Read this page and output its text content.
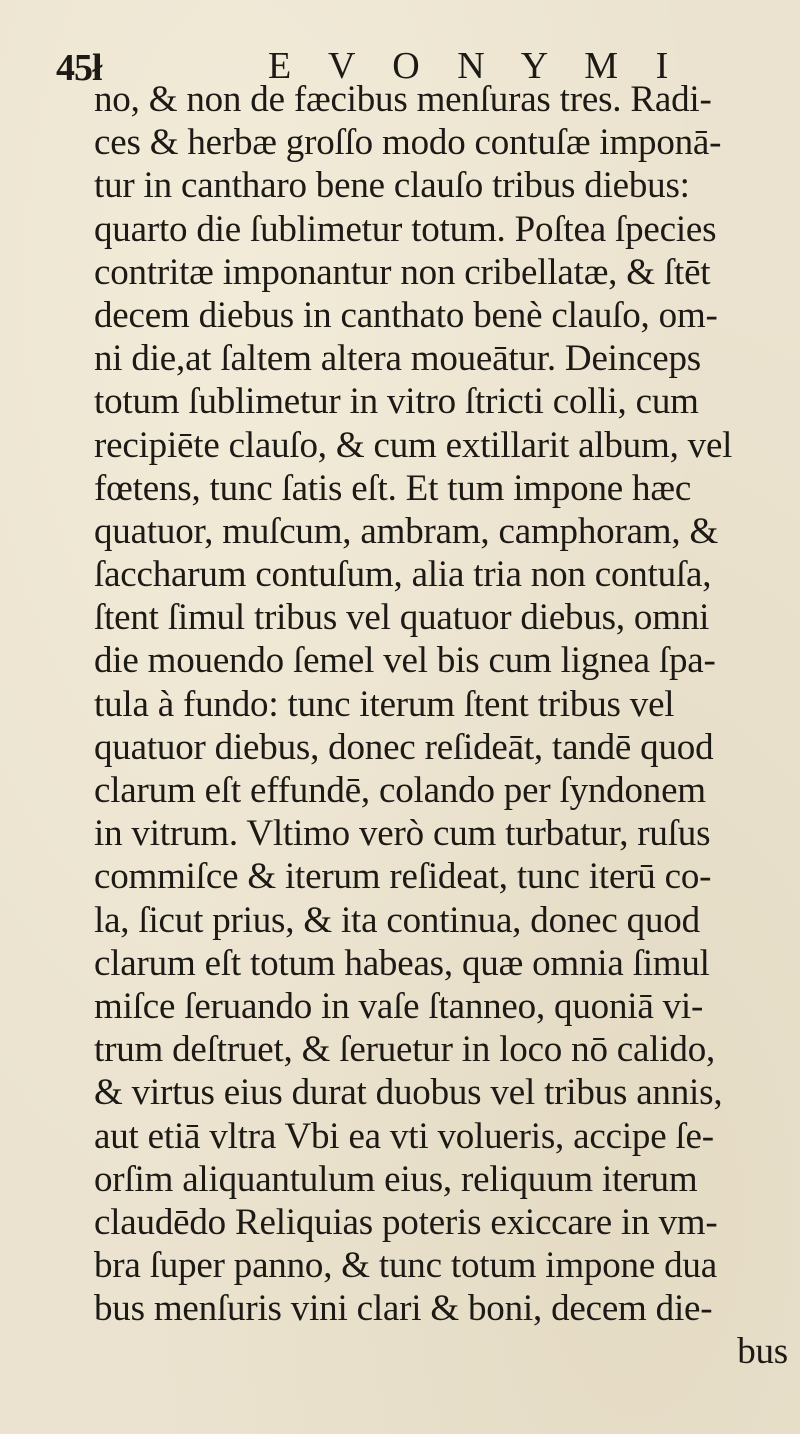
45ł	E V O N Y M I
no, & non de fæcibus menſuras tres. Radi-
ces & herbæ groſſo modo contuſæ imponā-
tur in cantharo bene clauſo tribus diebus:
quarto die ſublimetur totum. Poſtea ſpecies
contritæ imponantur non cribellatæ, & ſtēt
decem diebus in canthato benè clauſo, om-
ni die,at ſaltem altera moueātur. Deinceps
totum ſublimetur in vitro ſtricti colli, cum
recipiēte clauſo, & cum extillarit album, vel
fœtens, tunc ſatis eſt. Et tum impone hæc
quatuor, muſcum, ambram, camphoram, &
ſaccharum contuſum, alia tria non contuſa,
ſtent ſimul tribus vel quatuor diebus, omni
die mouendo ſemel vel bis cum lignea ſpa-
tula à fundo: tunc iterum ſtent tribus vel
quatuor diebus, donec reſideāt, tandē quod
clarum eſt effundē, colando per ſyndonem
in vitrum. Vltimo verò cum turbatur, ruſus
commiſce & iterum reſideat, tunc iterū co-
la, ſicut prius, & ita continua, donec quod
clarum eſt totum habeas, quæ omnia ſimul
miſce ſeruando in vaſe ſtanneo, quoniā vi-
trum deſtruet, & ſeruetur in loco nō calido,
& virtus eius durat duobus vel tribus annis,
aut etiā vltra Vbi ea vti volueris, accipe ſe-
orſim aliquantulum eius, reliquum iterum
claudēdo Reliquias poteris exiccare in vm-
bra ſuper panno, & tunc totum impone dua
bus menſuris vini clari & boni, decem die-
bus
